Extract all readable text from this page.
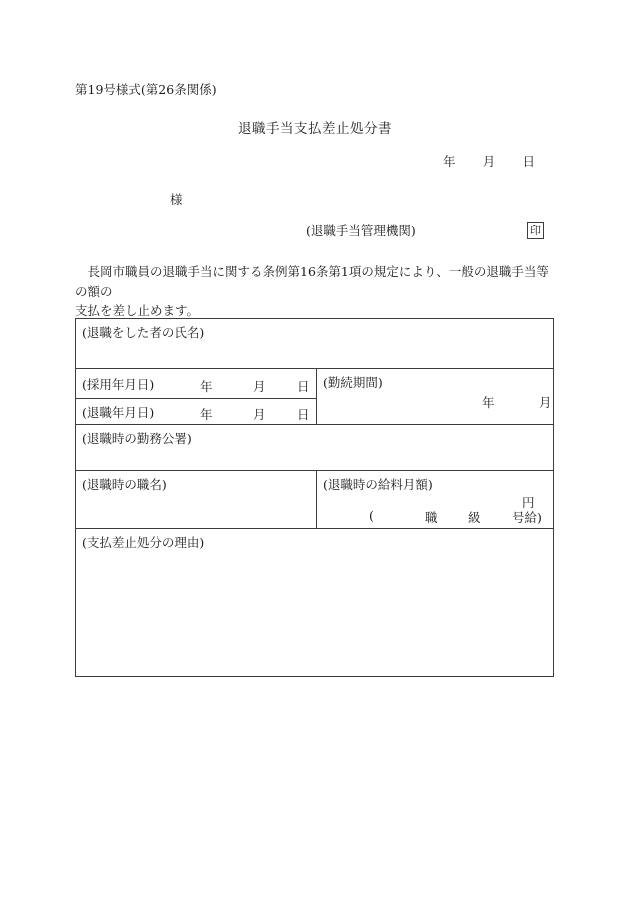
第19号様式(第26条関係)
退職手当支払差止処分書
年 月 日
様
(退職手当管理機関)	印
　長岡市職員の退職手当に関する条例第16条第1項の規定により、一般の退職手当等の額の
支払を差し止めます。
(退職をした者の氏名)	
(採用年月日) 年 月 日	(勤続期間)
年 月

(退職年月日) 年 月 日	

(退職時の勤務公署)	
(退職時の職名)	(退職時の給料月額)
円
(	職 級	号給)

(支払差止処分の理由)	
